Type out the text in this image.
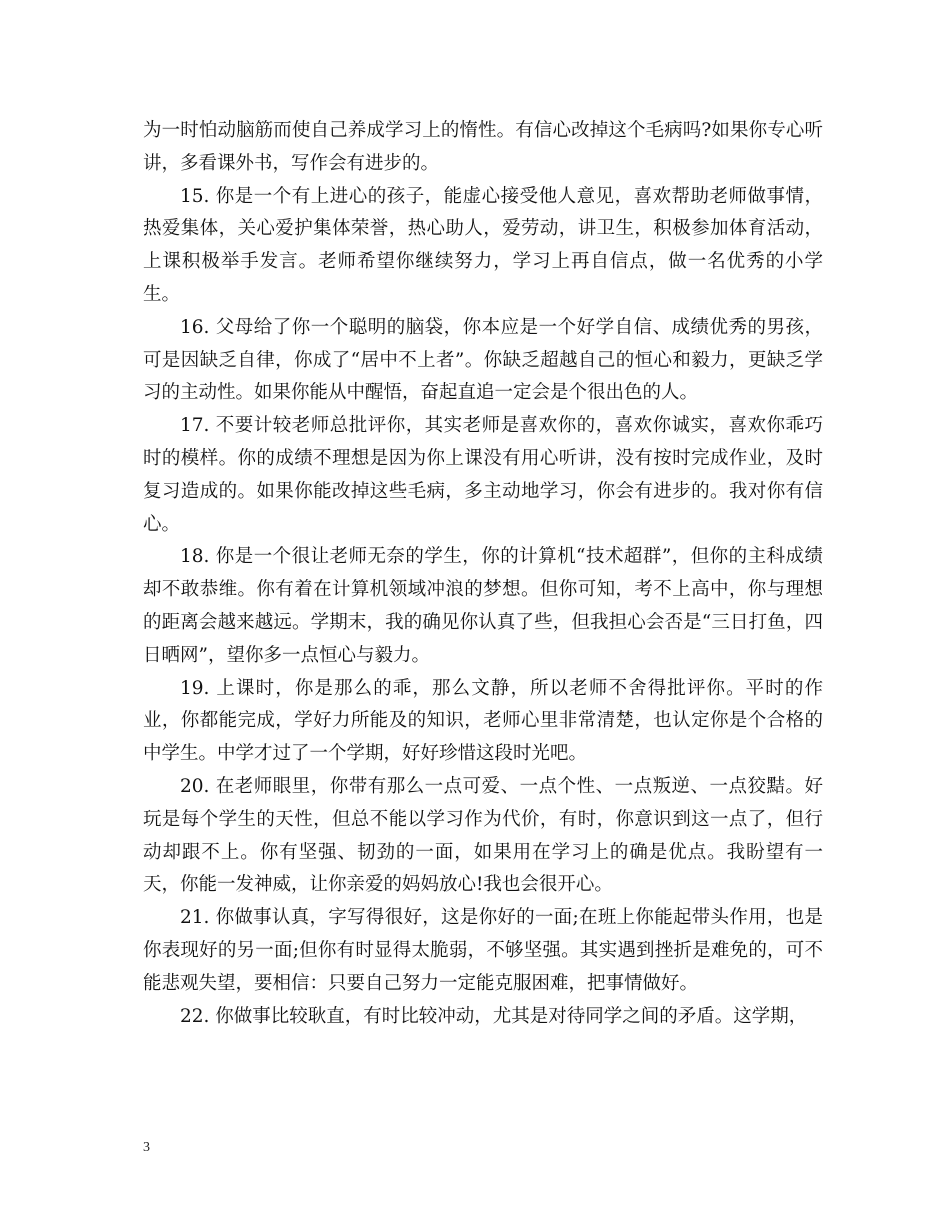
为一时怕动脑筋而使自己养成学习上的惰性。有信心改掉这个毛病吗?如果你专心听讲，多看课外书，写作会有进步的。

15. 你是一个有上进心的孩子，能虚心接受他人意见，喜欢帮助老师做事情，热爱集体，关心爱护集体荣誉，热心助人，爱劳动，讲卫生，积极参加体育活动，上课积极举手发言。老师希望你继续努力，学习上再自信点，做一名优秀的小学生。

16. 父母给了你一个聪明的脑袋，你本应是一个好学自信、成绩优秀的男孩，可是因缺乏自律，你成了“居中不上者”。你缺乏超越自己的恒心和毅力，更缺乏学习的主动性。如果你能从中醒悟，奋起直追一定会是个很出色的人。

17. 不要计较老师总批评你，其实老师是喜欢你的，喜欢你诚实，喜欢你乖巧时的模样。你的成绩不理想是因为你上课没有用心听讲，没有按时完成作业，及时复习造成的。如果你能改掉这些毛病，多主动地学习，你会有进步的。我对你有信心。

18. 你是一个很让老师无奈的学生，你的计算机“技术超群”，但你的主科成绩却不敢恭维。你有着在计算机领域冲浪的梦想。但你可知，考不上高中，你与理想的距离会越来越远。学期末，我的确见你认真了些，但我担心会否是“三日打鱼，四日晒网”，望你多一点恒心与毅力。

19. 上课时，你是那么的乖，那么文静，所以老师不舍得批评你。平时的作业，你都能完成，学好力所能及的知识，老师心里非常清楚，也认定你是个合格的中学生。中学才过了一个学期，好好珍惜这段时光吧。

20. 在老师眼里，你带有那么一点可爱、一点个性、一点叛逆、一点狡黠。好玩是每个学生的天性，但总不能以学习作为代价，有时，你意识到这一点了，但行动却跟不上。你有坚强、韧劲的一面，如果用在学习上的确是优点。我盼望有一天，你能一发神威，让你亲爱的妈妈放心!我也会很开心。

21. 你做事认真，字写得很好，这是你好的一面;在班上你能起带头作用，也是你表现好的另一面;但你有时显得太脆弱，不够坚强。其实遇到挫折是难免的，可不能悲观失望，要相信：只要自己努力一定能克服困难，把事情做好。

22. 你做事比较耿直，有时比较冲动，尤其是对待同学之间的矛盾。这学期，

3
